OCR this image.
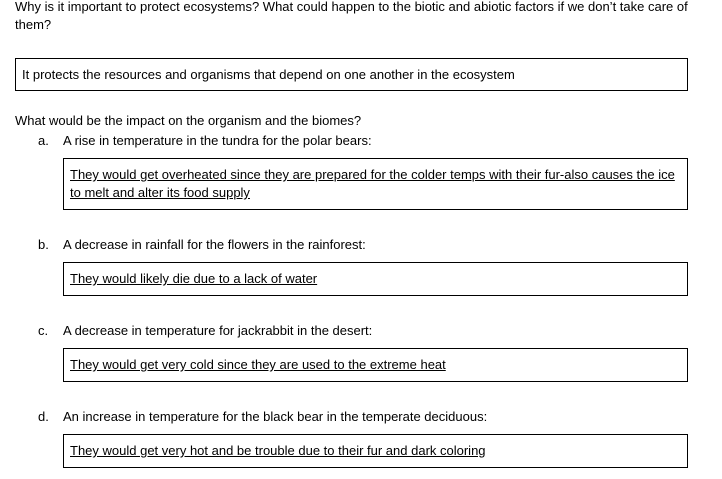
Why is it important to protect ecosystems? What could happen to the biotic and abiotic factors if we don’t take care of them?
It protects the resources and organisms that depend on one another in the ecosystem
What would be the impact on the organism and the biomes?
a. A rise in temperature in the tundra for the polar bears:
They would get overheated since they are prepared for the colder temps with their fur-also causes the ice to melt and alter its food supply
b. A decrease in rainfall for the flowers in the rainforest:
They would likely die due to a lack of water
c. A decrease in temperature for jackrabbit in the desert:
They would get very cold since they are used to the extreme heat
d. An increase in temperature for the black bear in the temperate deciduous:
They would get very hot and be trouble due to their fur and dark coloring
